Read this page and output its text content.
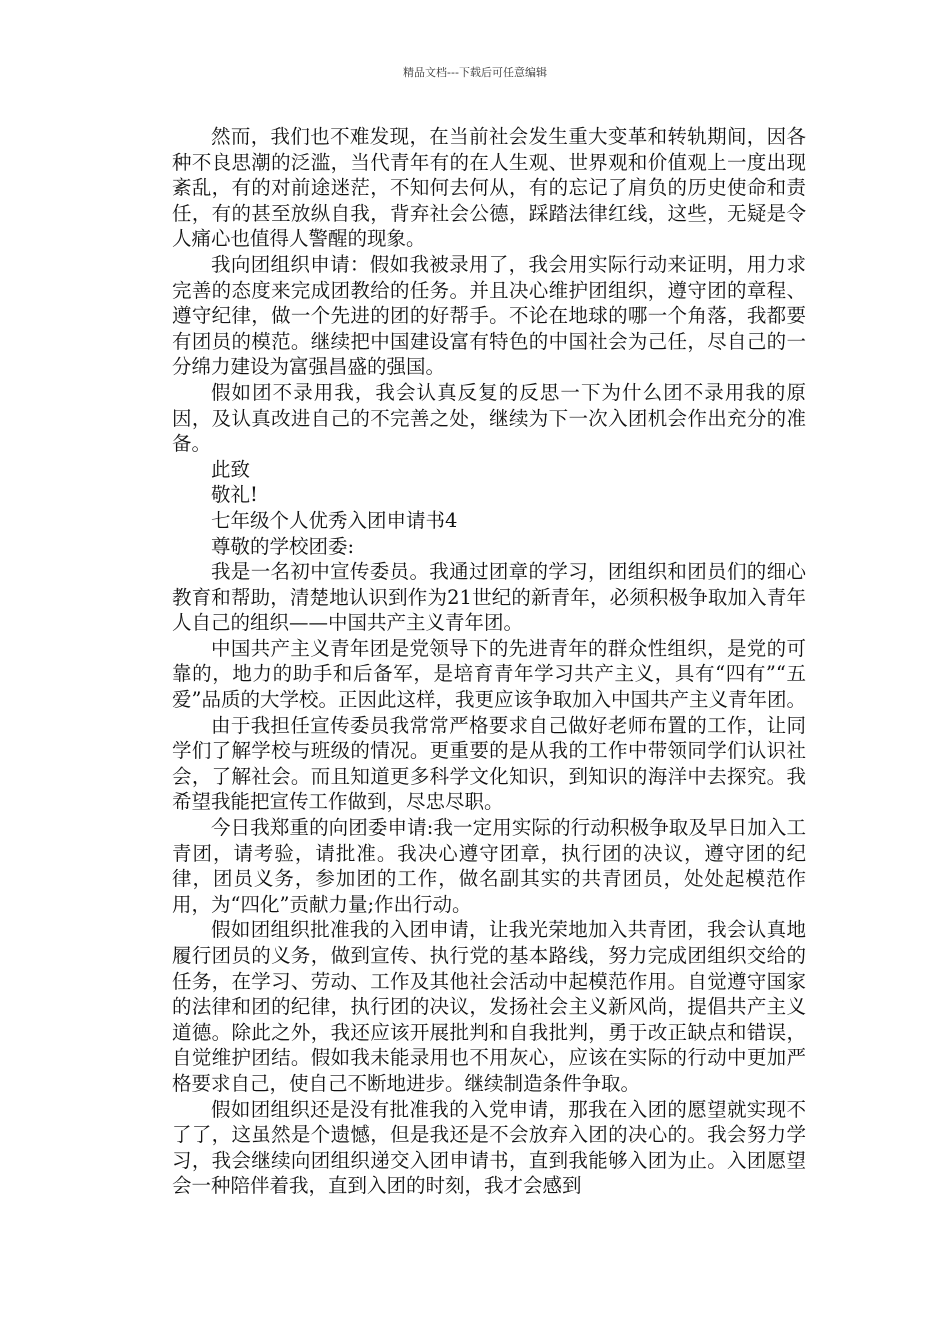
精品文档---下载后可任意编辑

然而，我们也不难发现，在当前社会发生重大变革和转轨期间，因各种不良思潮的泛滥，当代青年有的在人生观、世界观和价值观上一度出现紊乱，有的对前途迷茫，不知何去何从，有的忘记了肩负的历史使命和责任，有的甚至放纵自我，背弃社会公德，踩踏法律红线，这些，无疑是令人痛心也值得人警醒的现象。

我向团组织申请：假如我被录用了，我会用实际行动来证明，用力求完善的态度来完成团教给的任务。并且决心维护团组织，遵守团的章程、遵守纪律，做一个先进的团的好帮手。不论在地球的哪一个角落，我都要有团员的模范。继续把中国建设富有特色的中国社会为己任，尽自己的一分绵力建设为富强昌盛的强国。

假如团不录用我，我会认真反复的反思一下为什么团不录用我的原因，及认真改进自己的不完善之处，继续为下一次入团机会作出充分的准备。

此致

敬礼!

七年级个人优秀入团申请书4

尊敬的学校团委:

我是一名初中宣传委员。我通过团章的学习，团组织和团员们的细心教育和帮助，清楚地认识到作为21世纪的新青年，必须积极争取加入青年人自己的组织——中国共产主义青年团。

中国共产主义青年团是党领导下的先进青年的群众性组织，是党的可靠的，地力的助手和后备军，是培育青年学习共产主义，具有“四有”“五爱”品质的大学校。正因此这样，我更应该争取加入中国共产主义青年团。

由于我担任宣传委员我常常严格要求自己做好老师布置的工作，让同学们了解学校与班级的情况。更重要的是从我的工作中带领同学们认识社会，了解社会。而且知道更多科学文化知识，到知识的海洋中去探究。我希望我能把宣传工作做到，尽忠尽职。

今日我郑重的向团委申请:我一定用实际的行动积极争取及早日加入工青团，请考验，请批准。我决心遵守团章，执行团的决议，遵守团的纪律，团员义务，参加团的工作，做名副其实的共青团员，处处起模范作用，为“四化”贡献力量;作出行动。

假如团组织批准我的入团申请，让我光荣地加入共青团，我会认真地履行团员的义务，做到宣传、执行党的基本路线，努力完成团组织交给的任务，在学习、劳动、工作及其他社会活动中起模范作用。自觉遵守国家的法律和团的纪律，执行团的决议，发扬社会主义新风尚，提倡共产主义道德。除此之外，我还应该开展批判和自我批判，勇于改正缺点和错误，自觉维护团结。假如我未能录用也不用灰心，应该在实际的行动中更加严格要求自己，使自己不断地进步。继续制造条件争取。

假如团组织还是没有批准我的入党申请，那我在入团的愿望就实现不了了，这虽然是个遗憾，但是我还是不会放弃入团的决心的。我会努力学习，我会继续向团组织递交入团申请书，直到我能够入团为止。入团愿望会一种陪伴着我，直到入团的时刻，我才会感到
